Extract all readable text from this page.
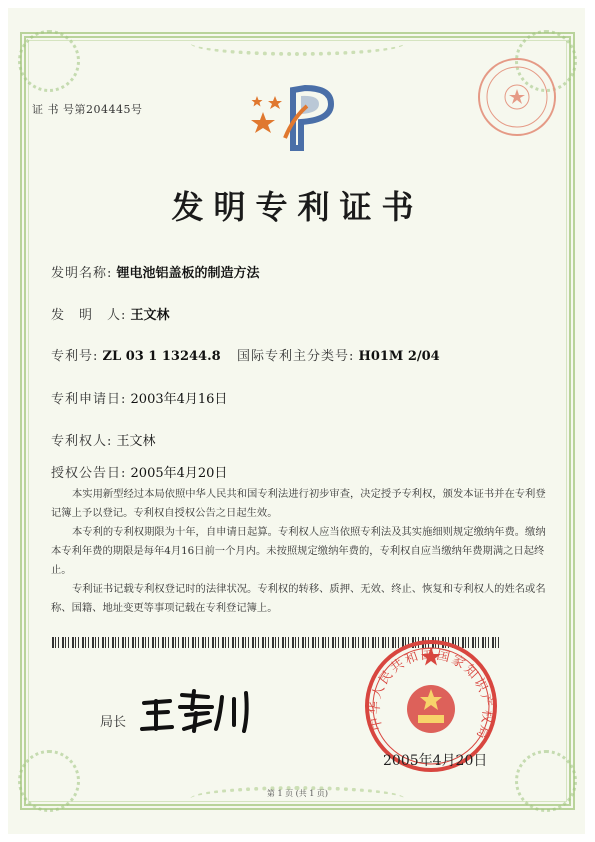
证 书 号第204445号
发明专利证书
发明名称: 锂电池铝盖板的制造方法
发　明　人: 王文林
专利号: ZL 03 1 13244.8 国际专利主分类号: H01M 2/04
专利申请日: 2003年4月16日
专利权人: 王文林
授权公告日: 2005年4月20日

本实用新型经过本局依照中华人民共和国专利法进行初步审查，决定授予专利权，颁发本证书并在专利登记簿上予以登记。专利权自授权公告之日起生效。

本专利的专利权期限为十年，自申请日起算。专利权人应当依照专利法及其实施细则规定缴纳年费。缴纳本专利年费的期限是每年4月16日前一个月内。未按照规定缴纳年费的，专利权自应当缴纳年费期满之日起终止。

专利证书记载专利权登记时的法律状况。专利权的转移、质押、无效、终止、恢复和专利权人的姓名或名称、国籍、地址变更等事项记载在专利登记簿上。

局长	中华人民共和国国家知识产权局
2005年4月20日
第 1 页 (共 1 页)
